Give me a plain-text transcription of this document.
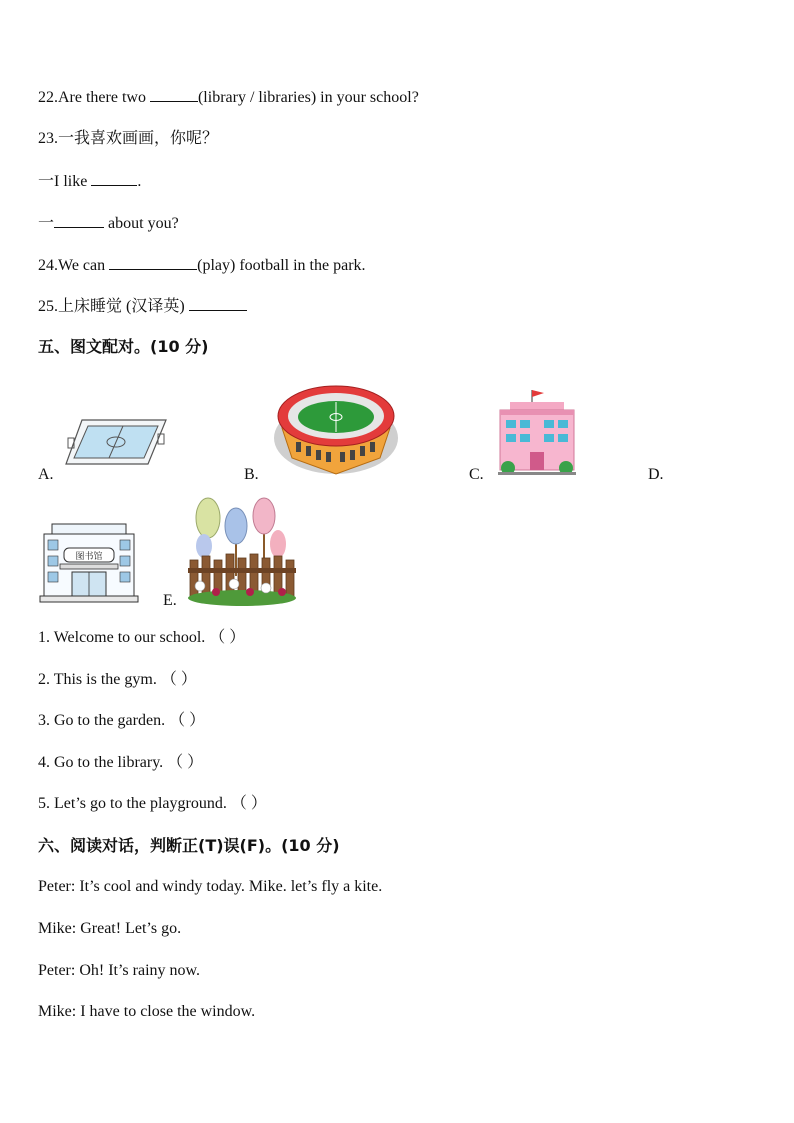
22.Are there two	(library / libraries) in your school?
23.一我喜欢画画，你呢？
一I like	.
一	about you?
24.We can	(play) football in the park.
25.上床睡觉 (汉译英)
五、图文配对。(10 分)
A.	B.	C.	D.
图书馆
E.
1. Welcome to our school. （ ）
2. This is the gym. （ ）
3. Go to the garden. （ ）
4. Go to the library. （ ）
5. Let’s go to the playground. （ ）
六、阅读对话，判断正(T)误(F)。(10 分)
Peter: It’s cool and windy today. Mike. let’s fly a kite.
Mike: Great! Let’s go.
Peter: Oh! It’s rainy now.
Mike: I have to close the window.
